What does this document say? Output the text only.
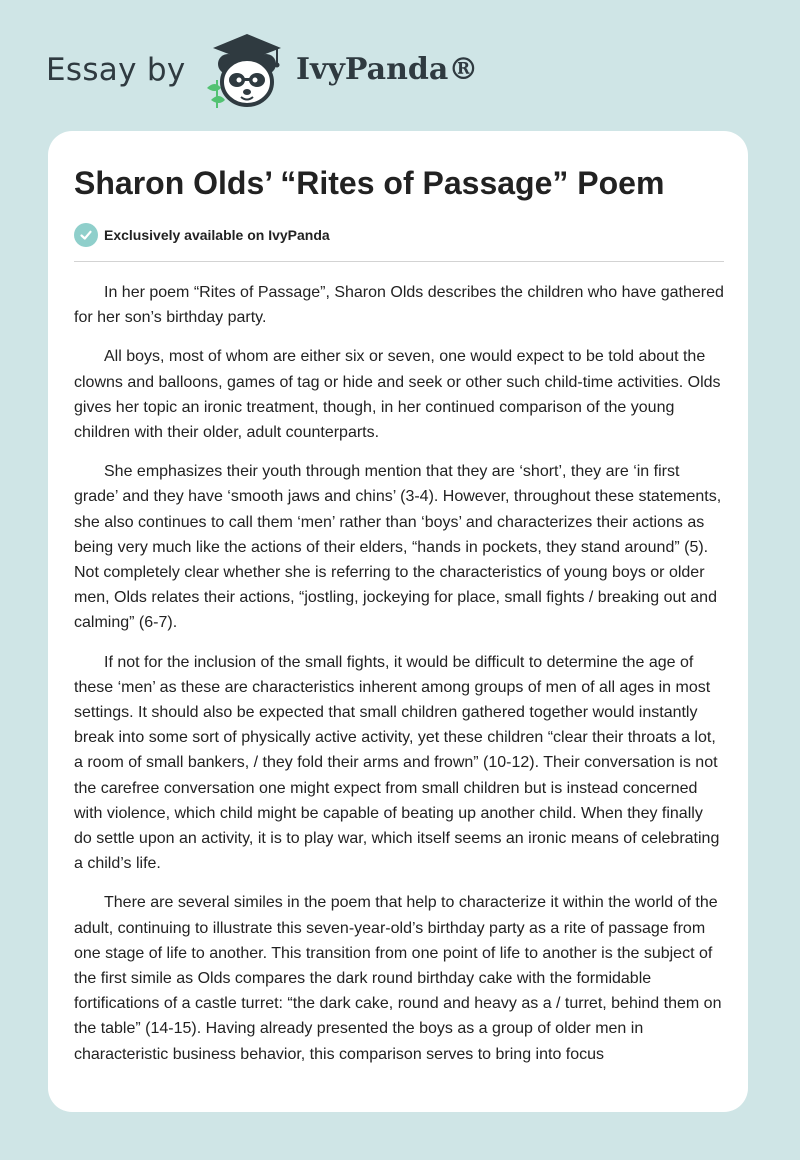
Essay by	IvyPanda®
Sharon Olds’ “Rites of Passage” Poem
Exclusively available on IvyPanda

In her poem “Rites of Passage”, Sharon Olds describes the children who have gathered for her son’s birthday party.

All boys, most of whom are either six or seven, one would expect to be told about the clowns and balloons, games of tag or hide and seek or other such child-time activities. Olds gives her topic an ironic treatment, though, in her continued comparison of the young children with their older, adult counterparts.

She emphasizes their youth through mention that they are ‘short’, they are ‘in first grade’ and they have ‘smooth jaws and chins’ (3-4). However, throughout these statements, she also continues to call them ‘men’ rather than ‘boys’ and characterizes their actions as being very much like the actions of their elders, “hands in pockets, they stand around” (5). Not completely clear whether she is referring to the characteristics of young boys or older men, Olds relates their actions, “jostling, jockeying for place, small fights / breaking out and calming” (6-7).

If not for the inclusion of the small fights, it would be difficult to determine the age of these ‘men’ as these are characteristics inherent among groups of men of all ages in most settings. It should also be expected that small children gathered together would instantly break into some sort of physically active activity, yet these children “clear their throats a lot, a room of small bankers, / they fold their arms and frown” (10-12). Their conversation is not the carefree conversation one might expect from small children but is instead concerned with violence, which child might be capable of beating up another child. When they finally do settle upon an activity, it is to play war, which itself seems an ironic means of celebrating a child’s life.

There are several similes in the poem that help to characterize it within the world of the adult, continuing to illustrate this seven-year-old’s birthday party as a rite of passage from one stage of life to another. This transition from one point of life to another is the subject of the first simile as Olds compares the dark round birthday cake with the formidable fortifications of a castle turret: “the dark cake, round and heavy as a / turret, behind them on the table” (14-15). Having already presented the boys as a group of older men in characteristic business behavior, this comparison serves to bring into focus
